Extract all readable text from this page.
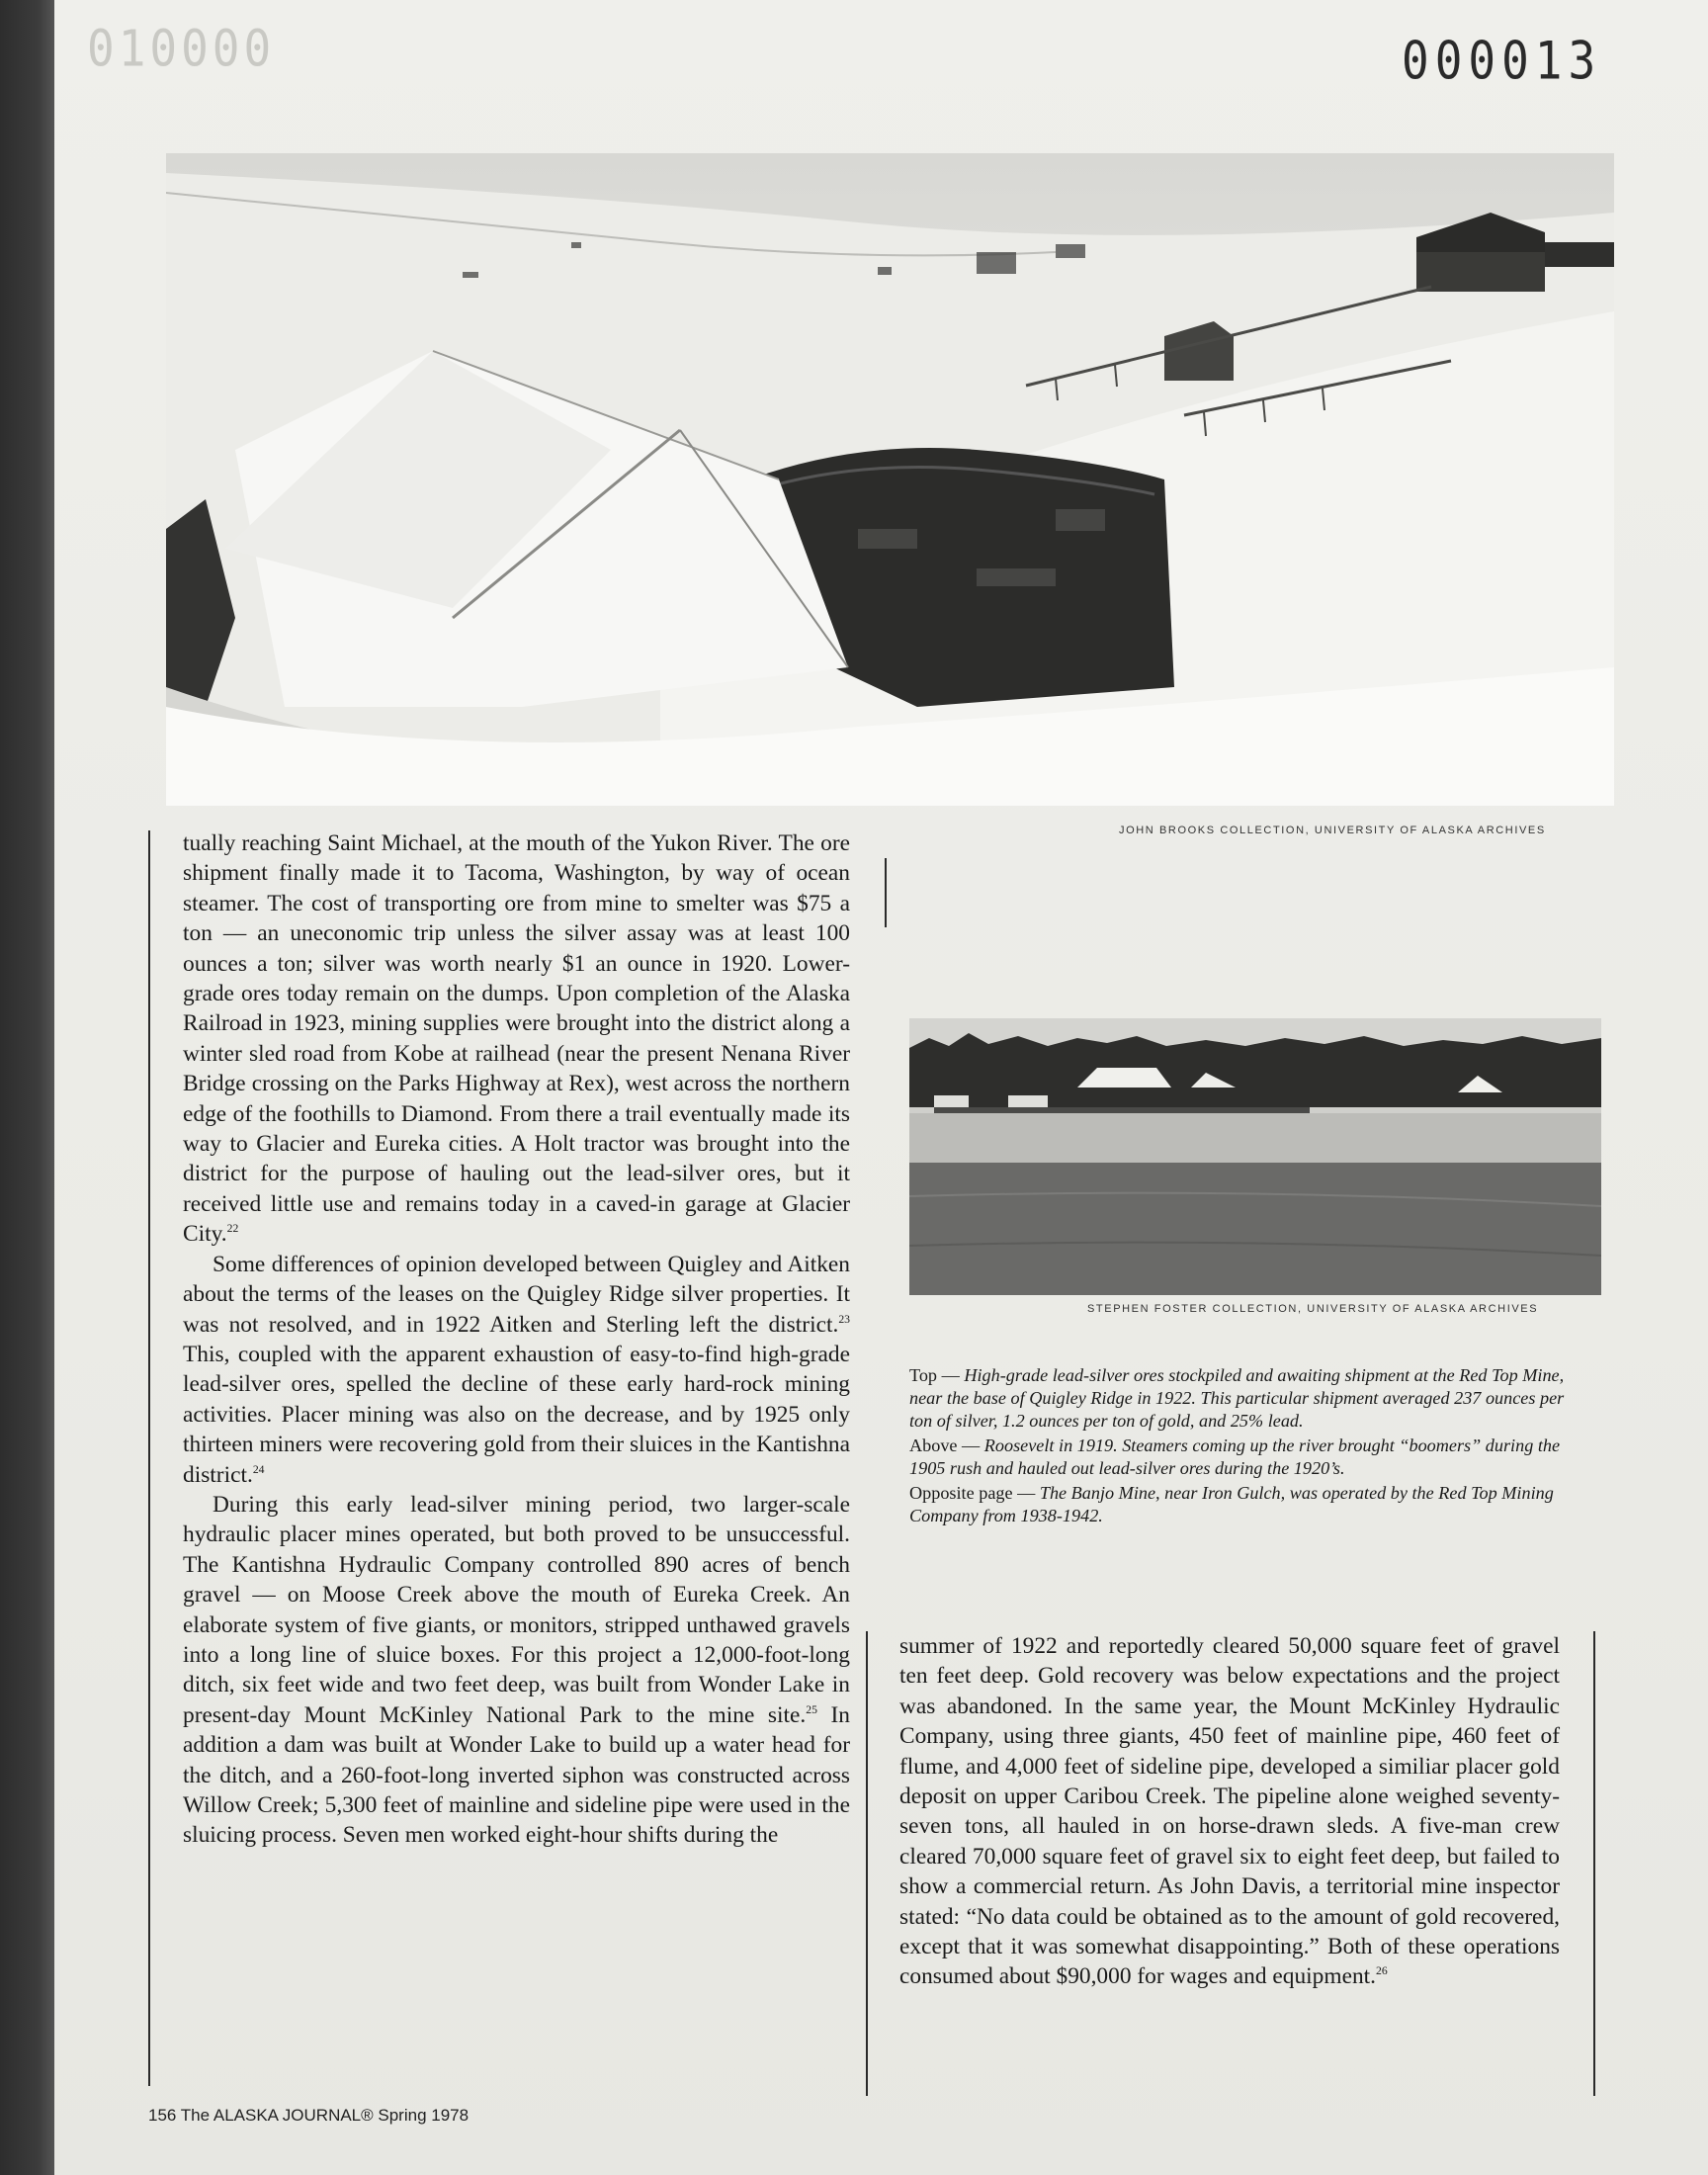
010000	000013
JOHN BROOKS COLLECTION, UNIVERSITY OF ALASKA ARCHIVES
STEPHEN FOSTER COLLECTION, UNIVERSITY OF ALASKA ARCHIVES

tually reaching Saint Michael, at the mouth of the Yukon River. The ore shipment finally made it to Tacoma, Washington, by way of ocean steamer. The cost of transporting ore from mine to smelter was $75 a ton — an uneconomic trip unless the silver assay was at least 100 ounces a ton; silver was worth nearly $1 an ounce in 1920. Lower-grade ores today remain on the dumps. Upon completion of the Alaska Railroad in 1923, mining supplies were brought into the district along a winter sled road from Kobe at railhead (near the present Nenana River Bridge crossing on the Parks Highway at Rex), west across the northern edge of the foothills to Diamond. From there a trail eventually made its way to Glacier and Eureka cities. A Holt tractor was brought into the district for the purpose of hauling out the lead-silver ores, but it received little use and remains today in a caved-in garage at Glacier City.$^{22}$

Some differences of opinion developed between Quigley and Aitken about the terms of the leases on the Quigley Ridge silver properties. It was not resolved, and in 1922 Aitken and Sterling left the district.$^{23}$ This, coupled with the apparent exhaustion of easy-to-find high-grade lead-silver ores, spelled the decline of these early hard-rock mining activities. Placer mining was also on the decrease, and by 1925 only thirteen miners were recovering gold from their sluices in the Kantishna district.$^{24}$

During this early lead-silver mining period, two larger-scale hydraulic placer mines operated, but both proved to be unsuccessful. The Kantishna Hydraulic Company controlled 890 acres of bench gravel — on Moose Creek above the mouth of Eureka Creek. An elaborate system of five giants, or monitors, stripped unthawed gravels into a long line of sluice boxes. For this project a 12,000-foot-long ditch, six feet wide and two feet deep, was built from Wonder Lake in present-day Mount McKinley National Park to the mine site.$^{25}$ In addition a dam was built at Wonder Lake to build up a water head for the ditch, and a 260-foot-long inverted siphon was constructed across Willow Creek; 5,300 feet of mainline and sideline pipe were used in the sluicing process. Seven men worked eight-hour shifts during the

Top — High-grade lead-silver ores stockpiled and awaiting shipment at the Red Top Mine, near the base of Quigley Ridge in 1922. This particular shipment averaged 237 ounces per ton of silver, 1.2 ounces per ton of gold, and 25% lead.

Above — Roosevelt in 1919. Steamers coming up the river brought “boomers” during the 1905 rush and hauled out lead-silver ores during the 1920’s.

Opposite page — The Banjo Mine, near Iron Gulch, was operated by the Red Top Mining Company from 1938-1942.

summer of 1922 and reportedly cleared 50,000 square feet of gravel ten feet deep. Gold recovery was below expectations and the project was abandoned. In the same year, the Mount McKinley Hydraulic Company, using three giants, 450 feet of mainline pipe, 460 feet of flume, and 4,000 feet of sideline pipe, developed a similiar placer gold deposit on upper Caribou Creek. The pipeline alone weighed seventy-seven tons, all hauled in on horse-drawn sleds. A five-man crew cleared 70,000 square feet of gravel six to eight feet deep, but failed to show a commercial return. As John Davis, a territorial mine inspector stated: “No data could be obtained as to the amount of gold recovered, except that it was somewhat disappointing.” Both of these operations consumed about $90,000 for wages and equipment.$^{26}$

156 The ALASKA JOURNAL® Spring 1978
